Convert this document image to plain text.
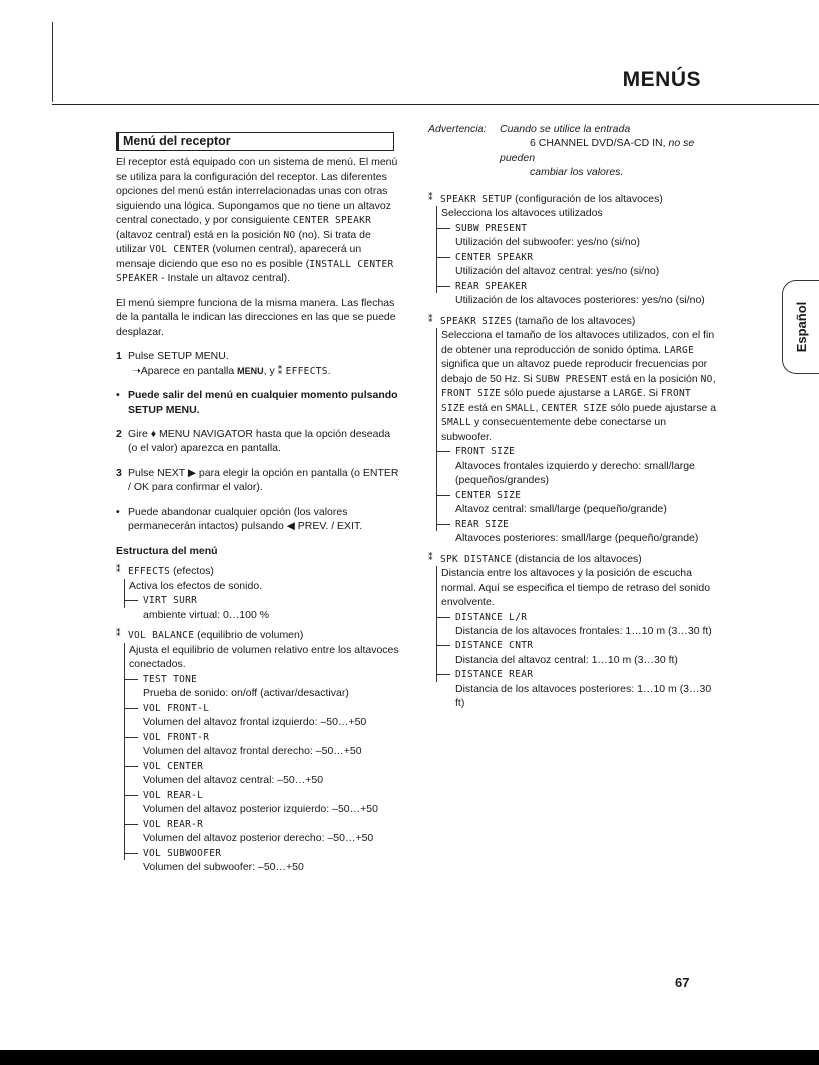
MENÚS
Español
Menú del receptor

El receptor está equipado con un sistema de menú. El menú se utiliza para la configuración del receptor. Las diferentes opciones del menú están interrelacionadas unas con otras siguiendo una lógica. Supongamos que no tiene un altavoz central conectado, y por consiguiente CENTER SPEAKR (altavoz central) está en la posición NO (no). Si trata de utilizar VOL CENTER (volumen central), aparecerá un mensaje diciendo que eso no es posible (INSTALL CENTER SPEAKER - Instale un altavoz central).

El menú siempre funciona de la misma manera. Las flechas de la pantalla le indican las direcciones en las que se puede desplazar.

1 Pulse SETUP MENU.
➝Aparece en pantalla MENU, y ⁑ EFFECTS.
• Puede salir del menú en cualquier momento pulsando SETUP MENU.
2 Gire ♦ MENU NAVIGATOR hasta que la opción deseada (o el valor) aparezca en pantalla.
3 Pulse NEXT ▶ para elegir la opción en pantalla (o ENTER / OK para confirmar el valor).
• Puede abandonar cualquier opción (los valores permanecerán intactos) pulsando ◀ PREV. / EXIT.
Estructura del menú
⁑ EFFECTS (efectos)
Activa los efectos de sonido.
VIRT SURR
ambiente virtual: 0…100 %
⁑ VOL BALANCE (equilibrio de volumen)
Ajusta el equilibrio de volumen relativo entre los altavoces conectados.
TEST TONE
Prueba de sonido: on/off (activar/desactivar)
VOL FRONT-L
Volumen del altavoz frontal izquierdo: –50…+50
VOL FRONT-R
Volumen del altavoz frontal derecho: –50…+50
VOL CENTER
Volumen del altavoz central: –50…+50
VOL REAR-L
Volumen del altavoz posterior izquierdo: –50…+50
VOL REAR-R
Volumen del altavoz posterior derecho: –50…+50
VOL SUBWOOFER
Volumen del subwoofer: –50…+50
Advertencia:	Cuando se utilice la entrada
6 CHANNEL DVD/SA-CD IN, no se pueden
cambiar los valores.
⁑ SPEAKR SETUP (configuración de los altavoces)
Selecciona los altavoces utilizados
SUBW PRESENT
Utilización del subwoofer: yes/no (si/no)
CENTER SPEAKR
Utilización del altavoz central: yes/no (si/no)
REAR SPEAKER
Utilización de los altavoces posteriores: yes/no (si/no)
⁑ SPEAKR SIZES (tamaño de los altavoces)
Selecciona el tamaño de los altavoces utilizados, con el fin de obtener una reproducción de sonido óptima. LARGE significa que un altavoz puede reproducir frecuencias por debajo de 50 Hz. Si SUBW PRESENT está en la posición NO, FRONT SIZE sólo puede ajustarse a LARGE. Si FRONT SIZE está en SMALL, CENTER SIZE sólo puede ajustarse a SMALL y consecuentemente debe conectarse un subwoofer.
FRONT SIZE
Altavoces frontales izquierdo y derecho: small/large (pequeños/grandes)
CENTER SIZE
Altavoz central: small/large (pequeño/grande)
REAR SIZE
Altavoces posteriores: small/large (pequeño/grande)
⁑ SPK DISTANCE (distancia de los altavoces)
Distancia entre los altavoces y la posición de escucha normal. Aquí se especifica el tiempo de retraso del sonido envolvente.
DISTANCE L/R
Distancia de los altavoces frontales: 1…10 m (3…30 ft)
DISTANCE CNTR
Distancia del altavoz central: 1…10 m (3…30 ft)
DISTANCE REAR
Distancia de los altavoces posteriores: 1…10 m (3…30 ft)
67
